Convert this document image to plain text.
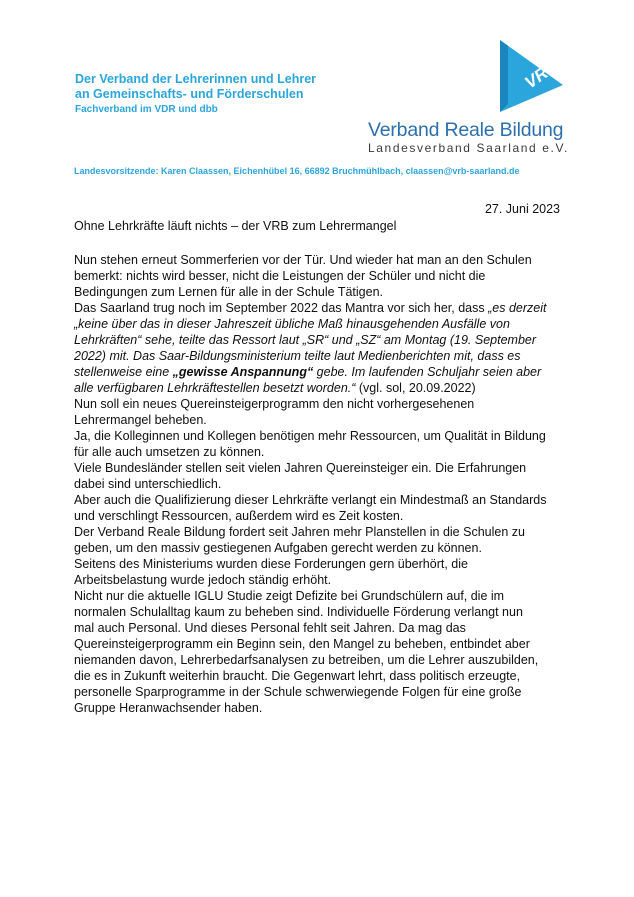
Der Verband der Lehrerinnen und Lehrer
an Gemeinschafts- und Förderschulen
Fachverband im VDR und dbb
VRB
Verband Reale Bildung
Landesverband Saarland e.V.
Landesvorsitzende: Karen Claassen, Eichenhübel 16, 66892 Bruchmühlbach, claassen@vrb-saarland.de
27. Juni 2023
Ohne Lehrkräfte läuft nichts – der VRB zum Lehrermangel

Nun stehen erneut Sommerferien vor der Tür. Und wieder hat man an den Schulen
bemerkt: nichts wird besser, nicht die Leistungen der Schüler und nicht die
Bedingungen zum Lernen für alle in der Schule Tätigen.

Das Saarland trug noch im September 2022 das Mantra vor sich her, dass „es derzeit
„keine über das in dieser Jahreszeit übliche Maß hinausgehenden Ausfälle von
Lehrkräften“ sehe, teilte das Ressort laut „SR“ und „SZ“ am Montag (19. September
2022) mit. Das Saar-Bildungsministerium teilte laut Medienberichten mit, dass es
stellenweise eine „gewisse Anspannung“ gebe. Im laufenden Schuljahr seien aber
alle verfügbaren Lehrkräftestellen besetzt worden.“ (vgl. sol, 20.09.2022)

Nun soll ein neues Quereinsteigerprogramm den nicht vorhergesehenen
Lehrermangel beheben.
Ja, die Kolleginnen und Kollegen benötigen mehr Ressourcen, um Qualität in Bildung
für alle auch umsetzen zu können.
Viele Bundesländer stellen seit vielen Jahren Quereinsteiger ein. Die Erfahrungen
dabei sind unterschiedlich.
Aber auch die Qualifizierung dieser Lehrkräfte verlangt ein Mindestmaß an Standards
und verschlingt Ressourcen, außerdem wird es Zeit kosten.
Der Verband Reale Bildung fordert seit Jahren mehr Planstellen in die Schulen zu
geben, um den massiv gestiegenen Aufgaben gerecht werden zu können.
Seitens des Ministeriums wurden diese Forderungen gern überhört, die
Arbeitsbelastung wurde jedoch ständig erhöht.
Nicht nur die aktuelle IGLU Studie zeigt Defizite bei Grundschülern auf, die im
normalen Schulalltag kaum zu beheben sind. Individuelle Förderung verlangt nun
mal auch Personal. Und dieses Personal fehlt seit Jahren. Da mag das
Quereinsteigerprogramm ein Beginn sein, den Mangel zu beheben, entbindet aber
niemanden davon, Lehrerbedarfsanalysen zu betreiben, um die Lehrer auszubilden,
die es in Zukunft weiterhin braucht. Die Gegenwart lehrt, dass politisch erzeugte,
personelle Sparprogramme in der Schule schwerwiegende Folgen für eine große
Gruppe Heranwachsender haben.
